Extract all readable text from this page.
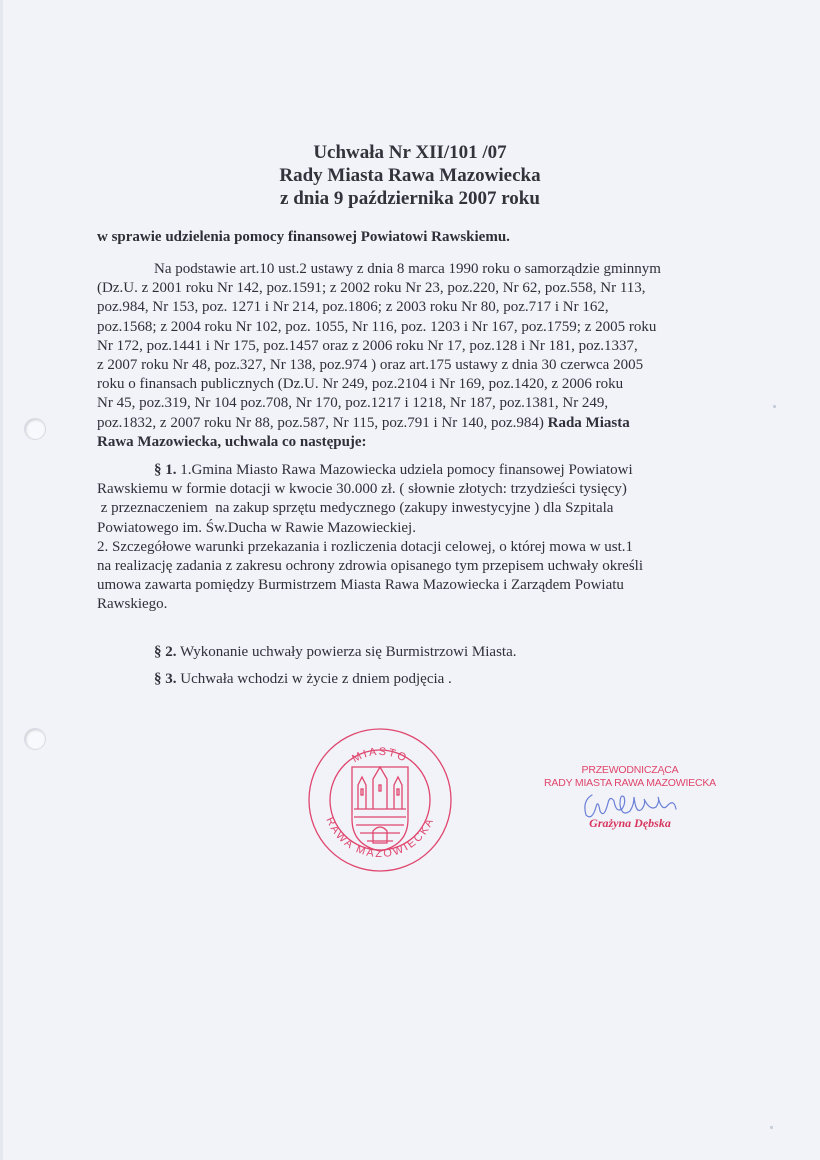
Uchwała Nr XII/101 /07
Rady Miasta Rawa Mazowiecka
z dnia 9 października 2007 roku
w sprawie udzielenia pomocy finansowej Powiatowi Rawskiemu.
Na podstawie art.10 ust.2 ustawy z dnia 8 marca 1990 roku o samorządzie gminnym
(Dz.U. z 2001 roku Nr 142, poz.1591; z 2002 roku Nr 23, poz.220, Nr 62, poz.558, Nr 113,
poz.984, Nr 153, poz. 1271 i Nr 214, poz.1806; z 2003 roku Nr 80, poz.717 i Nr 162,
poz.1568; z 2004 roku Nr 102, poz. 1055, Nr 116, poz. 1203 i Nr 167, poz.1759; z 2005 roku
Nr 172, poz.1441 i Nr 175, poz.1457 oraz z 2006 roku Nr 17, poz.128 i Nr 181, poz.1337,
z 2007 roku Nr 48, poz.327, Nr 138, poz.974 ) oraz art.175 ustawy z dnia 30 czerwca 2005
roku o finansach publicznych (Dz.U. Nr 249, poz.2104 i Nr 169, poz.1420, z 2006 roku
Nr 45, poz.319, Nr 104 poz.708, Nr 170, poz.1217 i 1218, Nr 187, poz.1381, Nr 249,
poz.1832, z 2007 roku Nr 88, poz.587, Nr 115, poz.791 i Nr 140, poz.984) Rada Miasta
Rawa Mazowiecka, uchwala co następuje:
§ 1. 1.Gmina Miasto Rawa Mazowiecka udziela pomocy finansowej Powiatowi
Rawskiemu w formie dotacji w kwocie 30.000 zł. ( słownie złotych: trzydzieści tysięcy)
z przeznaczeniem  na zakup sprzętu medycznego (zakupy inwestycyjne ) dla Szpitala
Powiatowego im. Św.Ducha w Rawie Mazowieckiej.
2. Szczegółowe warunki przekazania i rozliczenia dotacji celowej, o której mowa w ust.1
na realizację zadania z zakresu ochrony zdrowia opisanego tym przepisem uchwały określi
umowa zawarta pomiędzy Burmistrzem Miasta Rawa Mazowiecka i Zarządem Powiatu
Rawskiego.
§ 2. Wykonanie uchwały powierza się Burmistrzowi Miasta.
§ 3. Uchwała wchodzi w życie z dniem podjęcia .
MIASTO
RAWA MAZOWIECKA
PRZEWODNICZĄCA
RADY MIASTA RAWA MAZOWIECKA
Grażyna Dębska
